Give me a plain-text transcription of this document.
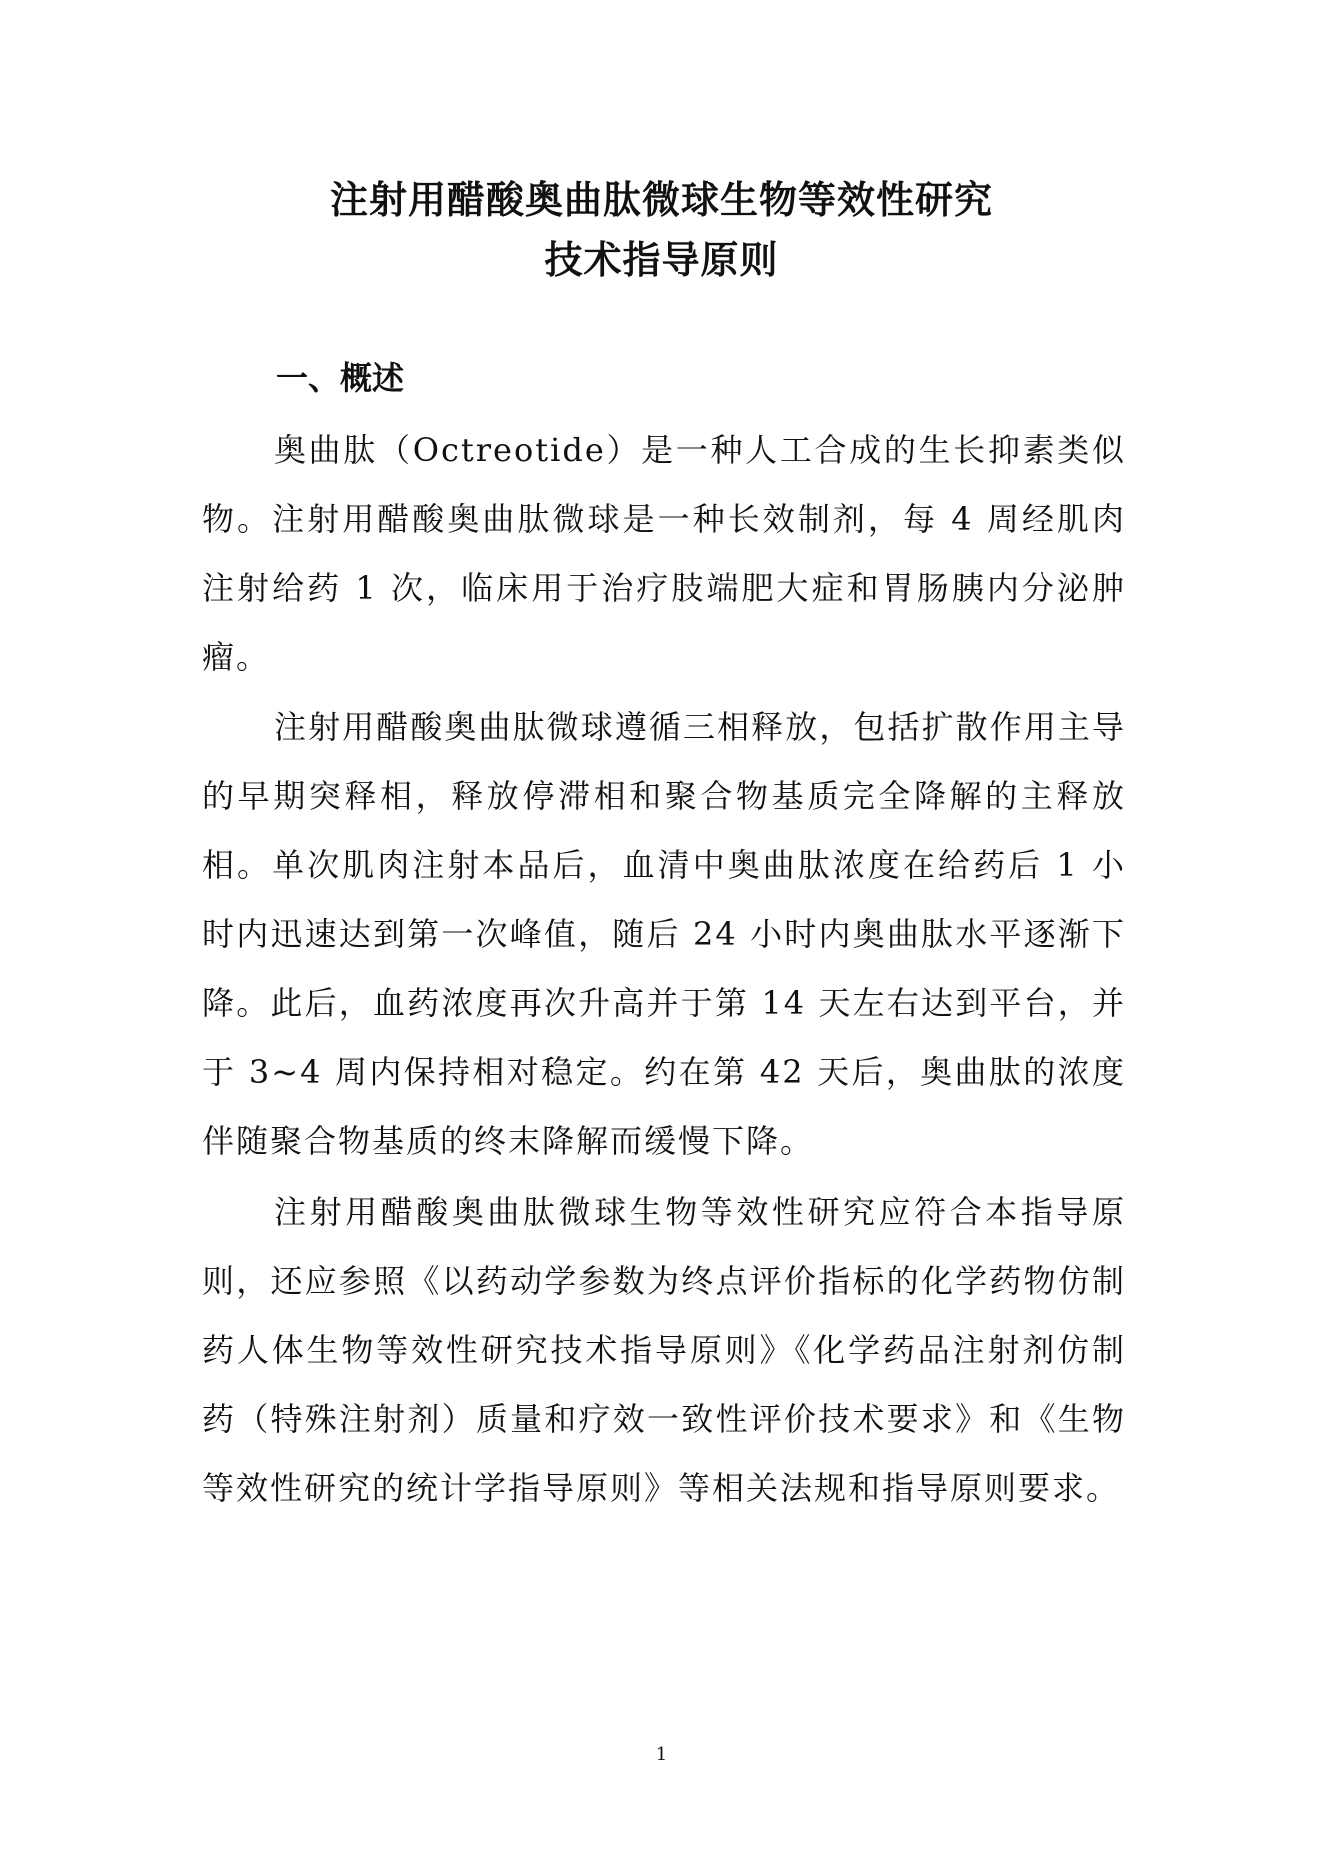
注射用醋酸奥曲肽微球生物等效性研究
技术指导原则
一、概述

奥曲肽（Octreotide）是一种人工合成的生长抑素类似物。注射用醋酸奥曲肽微球是一种长效制剂，每 4 周经肌肉注射给药 1 次，临床用于治疗肢端肥大症和胃肠胰内分泌肿瘤。

注射用醋酸奥曲肽微球遵循三相释放，包括扩散作用主导的早期突释相，释放停滞相和聚合物基质完全降解的主释放相。单次肌肉注射本品后，血清中奥曲肽浓度在给药后 1 小时内迅速达到第一次峰值，随后 24 小时内奥曲肽水平逐渐下降。此后，血药浓度再次升高并于第 14 天左右达到平台，并于 3~4 周内保持相对稳定。约在第 42 天后，奥曲肽的浓度伴随聚合物基质的终末降解而缓慢下降。

注射用醋酸奥曲肽微球生物等效性研究应符合本指导原则，还应参照《以药动学参数为终点评价指标的化学药物仿制药人体生物等效性研究技术指导原则》《化学药品注射剂仿制药（特殊注射剂）质量和疗效一致性评价技术要求》和《生物等效性研究的统计学指导原则》等相关法规和指导原则要求。

1
